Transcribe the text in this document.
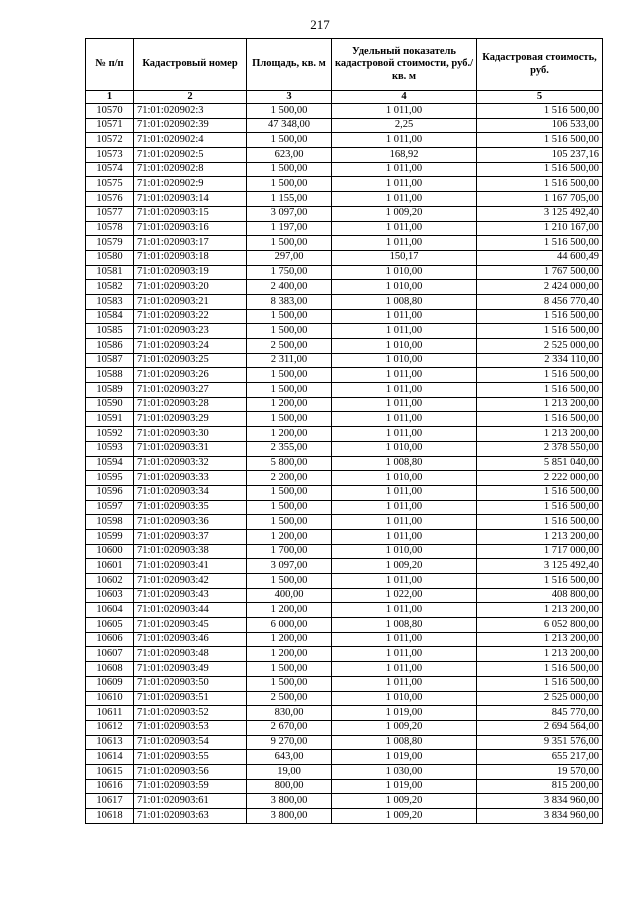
217
№ п/п	Кадастровый номер	Площадь, кв. м	Удельный показатель кадастровой стоимости, руб./кв. м	Кадастровая стоимость, руб.
1	2	3	4	5
10570	71:01:020902:3	1 500,00	1 011,00	1 516 500,00
10571	71:01:020902:39	47 348,00	2,25	106 533,00
10572	71:01:020902:4	1 500,00	1 011,00	1 516 500,00
10573	71:01:020902:5	623,00	168,92	105 237,16
10574	71:01:020902:8	1 500,00	1 011,00	1 516 500,00
10575	71:01:020902:9	1 500,00	1 011,00	1 516 500,00
10576	71:01:020903:14	1 155,00	1 011,00	1 167 705,00
10577	71:01:020903:15	3 097,00	1 009,20	3 125 492,40
10578	71:01:020903:16	1 197,00	1 011,00	1 210 167,00
10579	71:01:020903:17	1 500,00	1 011,00	1 516 500,00
10580	71:01:020903:18	297,00	150,17	44 600,49
10581	71:01:020903:19	1 750,00	1 010,00	1 767 500,00
10582	71:01:020903:20	2 400,00	1 010,00	2 424 000,00
10583	71:01:020903:21	8 383,00	1 008,80	8 456 770,40
10584	71:01:020903:22	1 500,00	1 011,00	1 516 500,00
10585	71:01:020903:23	1 500,00	1 011,00	1 516 500,00
10586	71:01:020903:24	2 500,00	1 010,00	2 525 000,00
10587	71:01:020903:25	2 311,00	1 010,00	2 334 110,00
10588	71:01:020903:26	1 500,00	1 011,00	1 516 500,00
10589	71:01:020903:27	1 500,00	1 011,00	1 516 500,00
10590	71:01:020903:28	1 200,00	1 011,00	1 213 200,00
10591	71:01:020903:29	1 500,00	1 011,00	1 516 500,00
10592	71:01:020903:30	1 200,00	1 011,00	1 213 200,00
10593	71:01:020903:31	2 355,00	1 010,00	2 378 550,00
10594	71:01:020903:32	5 800,00	1 008,80	5 851 040,00
10595	71:01:020903:33	2 200,00	1 010,00	2 222 000,00
10596	71:01:020903:34	1 500,00	1 011,00	1 516 500,00
10597	71:01:020903:35	1 500,00	1 011,00	1 516 500,00
10598	71:01:020903:36	1 500,00	1 011,00	1 516 500,00
10599	71:01:020903:37	1 200,00	1 011,00	1 213 200,00
10600	71:01:020903:38	1 700,00	1 010,00	1 717 000,00
10601	71:01:020903:41	3 097,00	1 009,20	3 125 492,40
10602	71:01:020903:42	1 500,00	1 011,00	1 516 500,00
10603	71:01:020903:43	400,00	1 022,00	408 800,00
10604	71:01:020903:44	1 200,00	1 011,00	1 213 200,00
10605	71:01:020903:45	6 000,00	1 008,80	6 052 800,00
10606	71:01:020903:46	1 200,00	1 011,00	1 213 200,00
10607	71:01:020903:48	1 200,00	1 011,00	1 213 200,00
10608	71:01:020903:49	1 500,00	1 011,00	1 516 500,00
10609	71:01:020903:50	1 500,00	1 011,00	1 516 500,00
10610	71:01:020903:51	2 500,00	1 010,00	2 525 000,00
10611	71:01:020903:52	830,00	1 019,00	845 770,00
10612	71:01:020903:53	2 670,00	1 009,20	2 694 564,00
10613	71:01:020903:54	9 270,00	1 008,80	9 351 576,00
10614	71:01:020903:55	643,00	1 019,00	655 217,00
10615	71:01:020903:56	19,00	1 030,00	19 570,00
10616	71:01:020903:59	800,00	1 019,00	815 200,00
10617	71:01:020903:61	3 800,00	1 009,20	3 834 960,00
10618	71:01:020903:63	3 800,00	1 009,20	3 834 960,00
